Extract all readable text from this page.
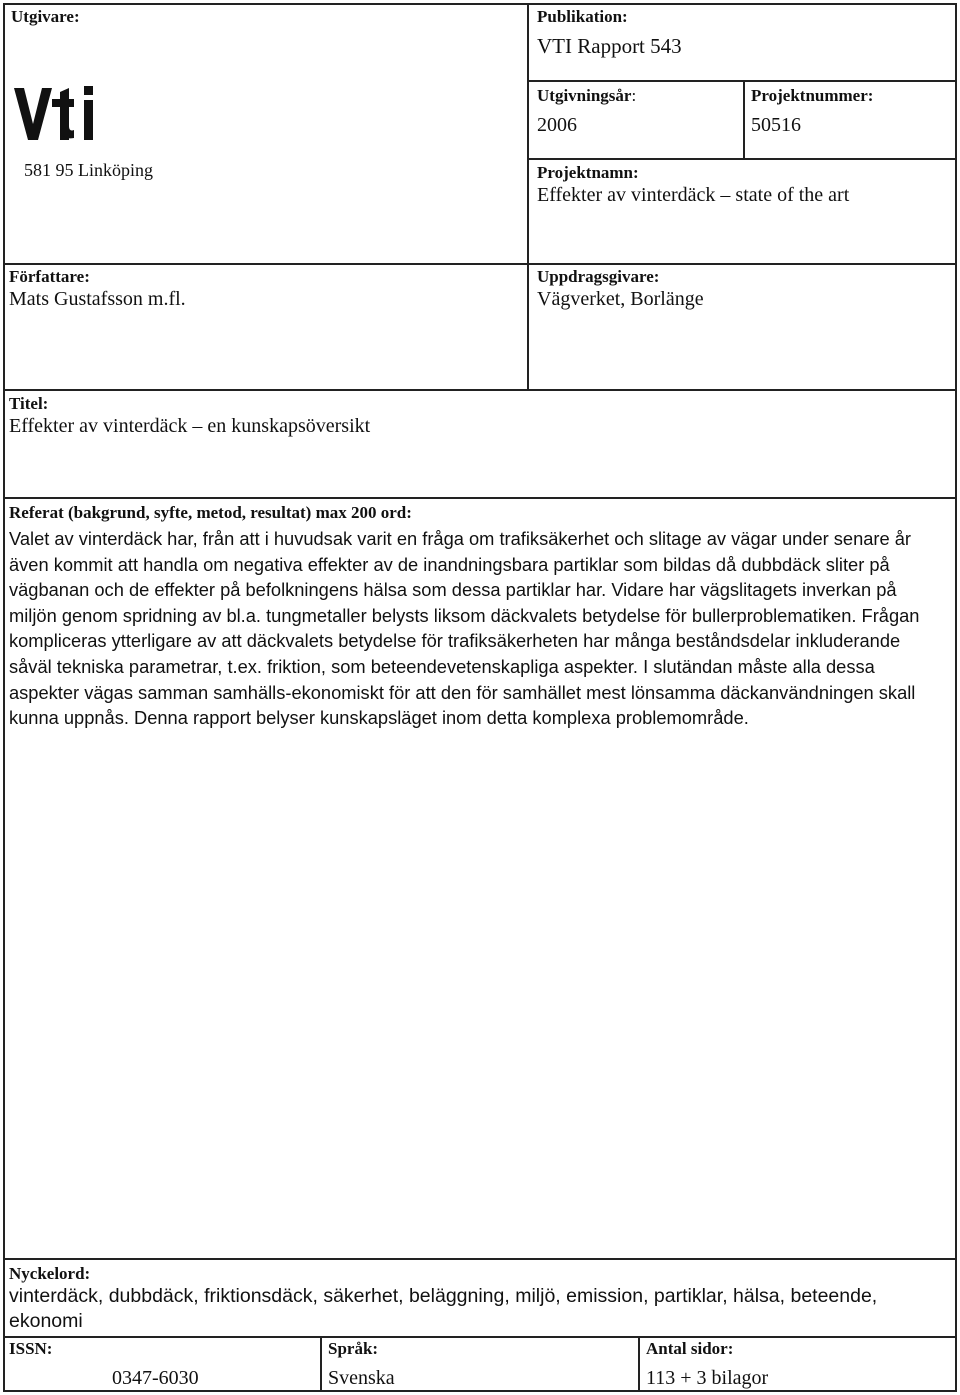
Utgivare:
581 95 Linköping
Publikation:
VTI Rapport 543
Utgivningsår:
2006
Projektnummer:
50516
Projektnamn:
Effekter av vinterdäck – state of the art
Författare:
Mats Gustafsson m.fl.
Uppdragsgivare:
Vägverket, Borlänge
Titel:
Effekter av vinterdäck – en kunskapsöversikt
Referat (bakgrund, syfte, metod, resultat) max 200 ord:

Valet av vinterdäck har, från att i huvudsak varit en fråga om trafiksäkerhet och slitage av vägar under senare år även kommit att handla om negativa effekter av de inandningsbara partiklar som bildas då dubbdäck sliter på vägbanan och de effekter på befolkningens hälsa som dessa partiklar har. Vidare har vägslitagets inverkan på miljön genom spridning av bl.a. tungmetaller belysts liksom däckvalets betydelse för bullerproblematiken. Frågan kompliceras ytterligare av att däckvalets betydelse för trafiksäkerheten har många beståndsdelar inkluderande såväl tekniska parametrar, t.ex. friktion, som beteendevetenskapliga aspekter. I slutändan måste alla dessa aspekter vägas samman samhälls-ekonomiskt för att den för samhället mest lönsamma däckanvändningen skall kunna uppnås. Denna rapport belyser kunskapsläget inom detta komplexa problemområde.

Nyckelord:

vinterdäck, dubbdäck, friktionsdäck, säkerhet, beläggning, miljö, emission, partiklar, hälsa, beteende, ekonomi

ISSN:
0347-6030
Språk:
Svenska
Antal sidor:
113 + 3 bilagor
